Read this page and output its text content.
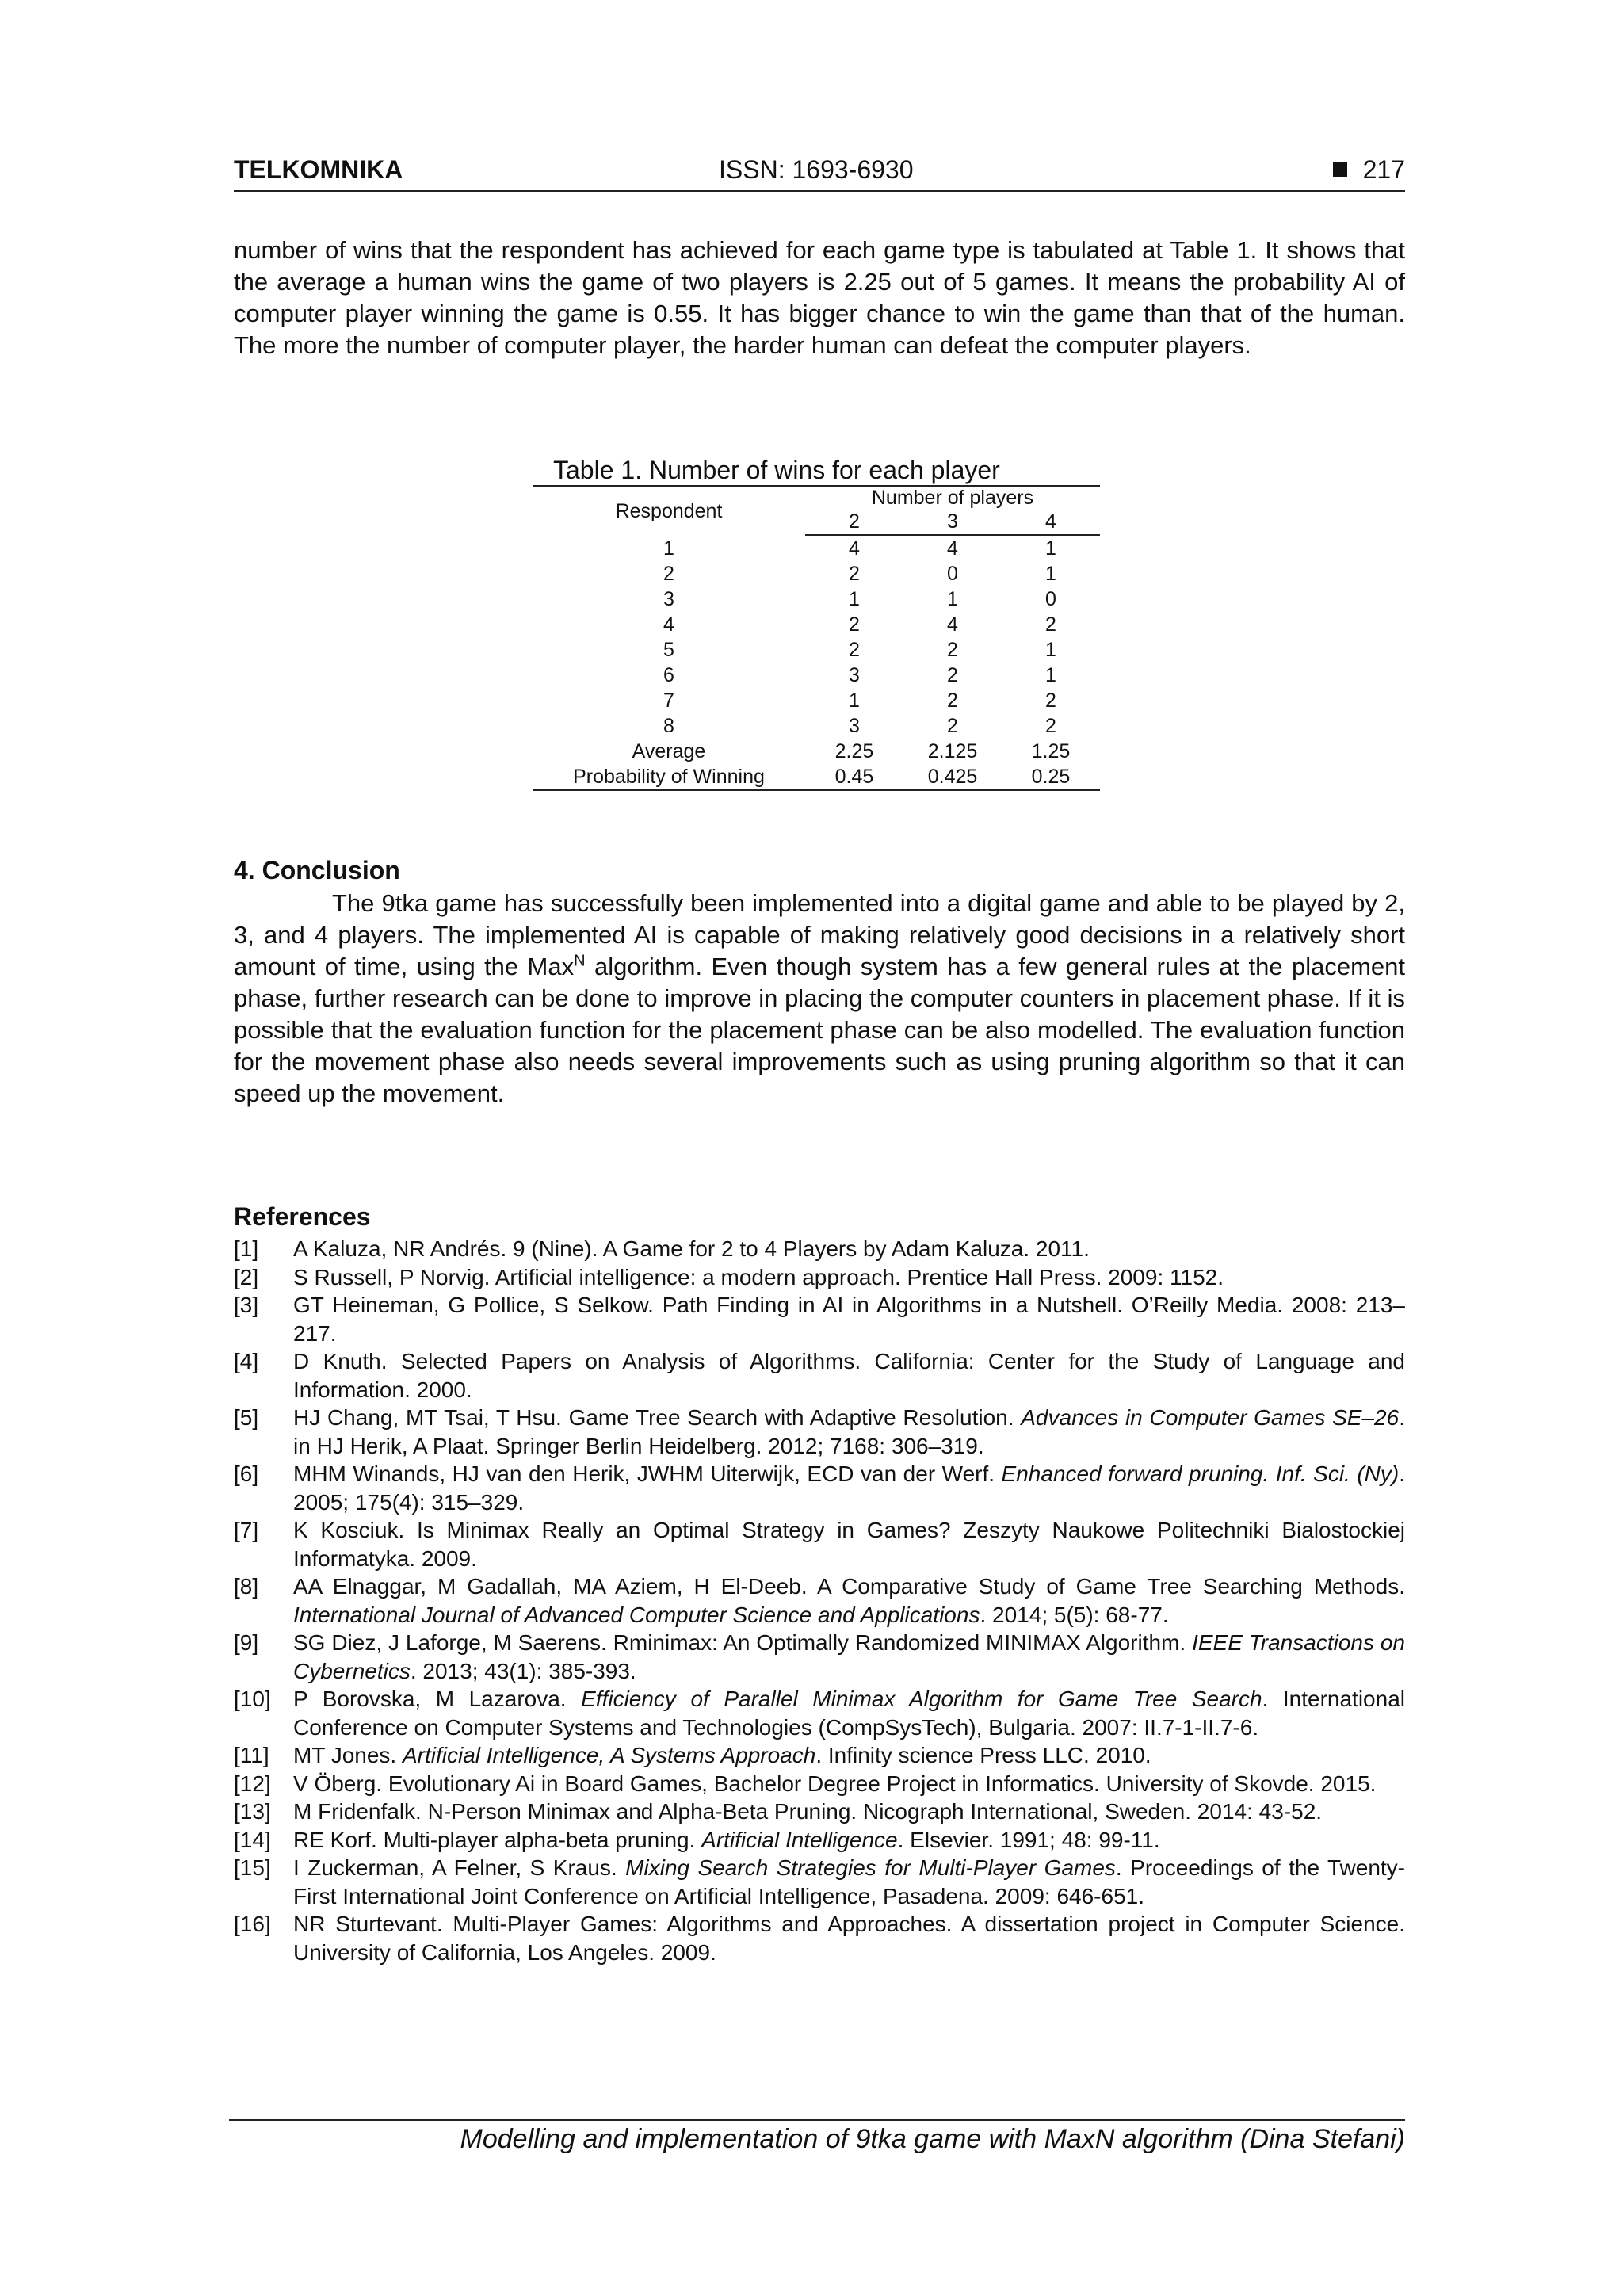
TELKOMNIKA	ISSN: 1693-6930	217

number of wins that the respondent has achieved for each game type is tabulated at Table 1. It shows that the average a human wins the game of two players is 2.25 out of 5 games. It means the probability AI of computer player winning the game is 0.55. It has bigger chance to win the game than that of the human. The more the number of computer player, the harder human can defeat the computer players.

Table 1. Number of wins for each player
Respondent	Number of players		
	2	3	4
1	4	4	1
2	2	0	1
3	1	1	0
4	2	4	2
5	2	2	1
6	3	2	1
7	1	2	2
8	3	2	2
Average	2.25	2.125	1.25
Probability of Winning	0.45	0.425	0.25
4. Conclusion

The 9tka game has successfully been implemented into a digital game and able to be played by 2, 3, and 4 players. The implemented AI is capable of making relatively good decisions in a relatively short amount of time, using the Max$^N$ algorithm. Even though system has a few general rules at the placement phase, further research can be done to improve in placing the computer counters in placement phase. If it is possible that the evaluation function for the placement phase can be also modelled. The evaluation function for the movement phase also needs several improvements such as using pruning algorithm so that it can speed up the movement.

References
[1] A Kaluza, NR Andrés. 9 (Nine). A Game for 2 to 4 Players by Adam Kaluza. 2011.
[2] S Russell, P Norvig. Artificial intelligence: a modern approach. Prentice Hall Press. 2009: 1152.
[3] GT Heineman, G Pollice, S Selkow. Path Finding in AI in Algorithms in a Nutshell. O’Reilly Media. 2008: 213–217.
[4] D Knuth. Selected Papers on Analysis of Algorithms. California: Center for the Study of Language and Information. 2000.
[5] HJ Chang, MT Tsai, T Hsu. Game Tree Search with Adaptive Resolution. Advances in Computer Games SE–26. in HJ Herik, A Plaat. Springer Berlin Heidelberg. 2012; 7168: 306–319.
[6] MHM Winands, HJ van den Herik, JWHM Uiterwijk, ECD van der Werf. Enhanced forward pruning. Inf. Sci. (Ny). 2005; 175(4): 315–329.
[7] K Kosciuk. Is Minimax Really an Optimal Strategy in Games? Zeszyty Naukowe Politechniki Bialostockiej Informatyka. 2009.
[8] AA Elnaggar, M Gadallah, MA Aziem, H El-Deeb. A Comparative Study of Game Tree Searching Methods. International Journal of Advanced Computer Science and Applications. 2014; 5(5): 68-77.
[9] SG Diez, J Laforge, M Saerens. Rminimax: An Optimally Randomized MINIMAX Algorithm. IEEE Transactions on Cybernetics. 2013; 43(1): 385-393.
[10] P Borovska, M Lazarova. Efficiency of Parallel Minimax Algorithm for Game Tree Search. International Conference on Computer Systems and Technologies (CompSysTech), Bulgaria. 2007: II.7-1-II.7-6.
[11] MT Jones. Artificial Intelligence, A Systems Approach. Infinity science Press LLC. 2010.
[12] V Öberg. Evolutionary Ai in Board Games, Bachelor Degree Project in Informatics. University of Skovde. 2015.
[13] M Fridenfalk. N-Person Minimax and Alpha-Beta Pruning. Nicograph International, Sweden. 2014: 43-52.
[14] RE Korf. Multi-player alpha-beta pruning. Artificial Intelligence. Elsevier. 1991; 48: 99-11.
[15] I Zuckerman, A Felner, S Kraus. Mixing Search Strategies for Multi-Player Games. Proceedings of the Twenty-First International Joint Conference on Artificial Intelligence, Pasadena. 2009: 646-651.
[16] NR Sturtevant. Multi-Player Games: Algorithms and Approaches. A dissertation project in Computer Science. University of California, Los Angeles. 2009.
Modelling and implementation of 9tka game with MaxN algorithm (Dina Stefani)
